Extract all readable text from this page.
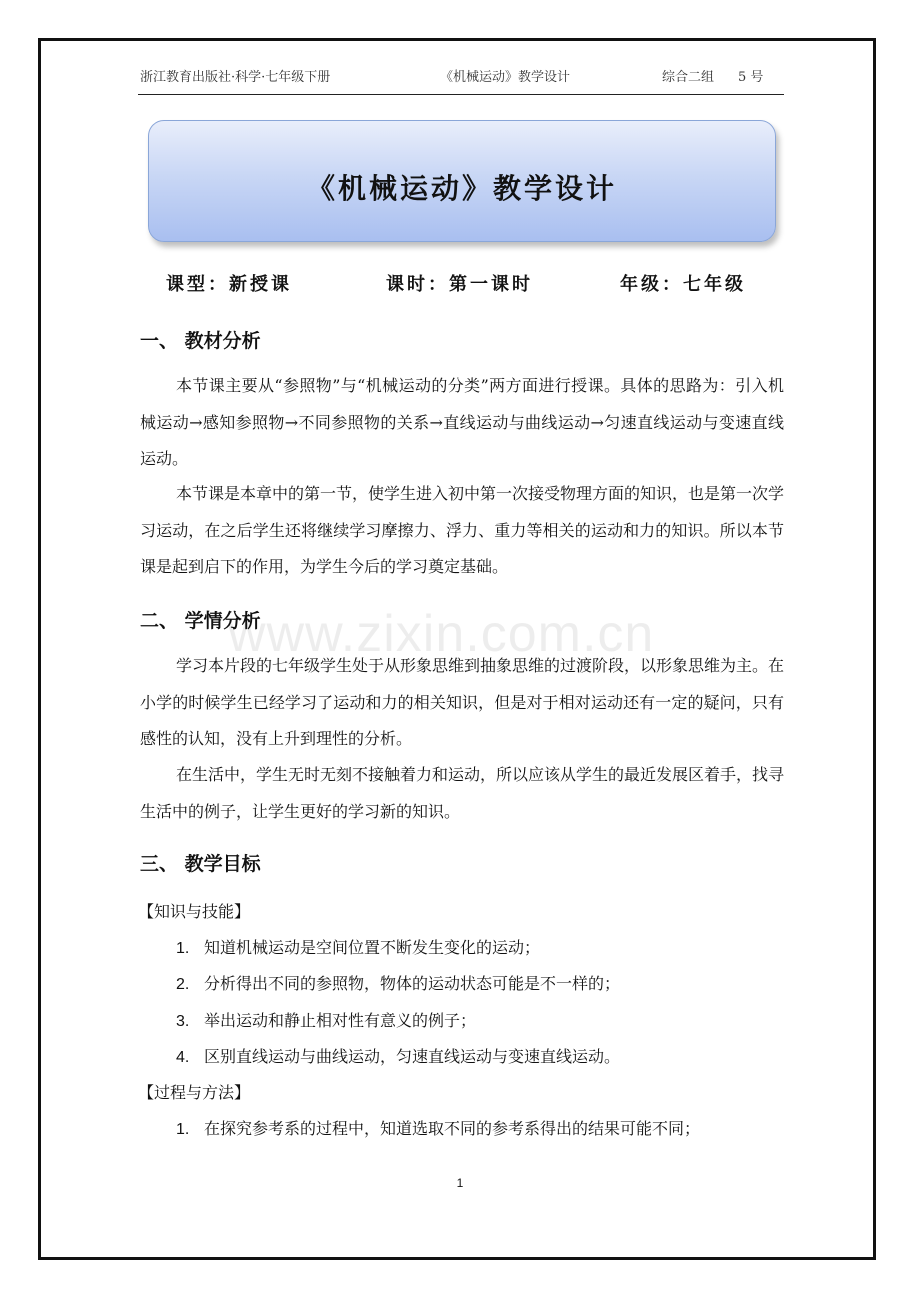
浙江教育出版社·科学·七年级下册	《机械运动》教学设计	综合二组 5 号
《机械运动》教学设计
课型：新授课	课时：第一课时	年级：七年级
一、 教材分析
本节课主要从“参照物”与“机械运动的分类”两方面进行授课。具体的思路为：引入机械运动→感知参照物→不同参照物的关系→直线运动与曲线运动→匀速直线运动与变速直线运动。
本节课是本章中的第一节，使学生进入初中第一次接受物理方面的知识，也是第一次学习运动，在之后学生还将继续学习摩擦力、浮力、重力等相关的运动和力的知识。所以本节课是起到启下的作用，为学生今后的学习奠定基础。
二、 学情分析
www.zixin.com.cn
学习本片段的七年级学生处于从形象思维到抽象思维的过渡阶段，以形象思维为主。在小学的时候学生已经学习了运动和力的相关知识，但是对于相对运动还有一定的疑问，只有感性的认知，没有上升到理性的分析。
在生活中，学生无时无刻不接触着力和运动，所以应该从学生的最近发展区着手，找寻生活中的例子，让学生更好的学习新的知识。
三、 教学目标
【知识与技能】
1. 知道机械运动是空间位置不断发生变化的运动；
2. 分析得出不同的参照物，物体的运动状态可能是不一样的；
3. 举出运动和静止相对性有意义的例子；
4. 区别直线运动与曲线运动，匀速直线运动与变速直线运动。
【过程与方法】
1. 在探究参考系的过程中，知道选取不同的参考系得出的结果可能不同；
1
